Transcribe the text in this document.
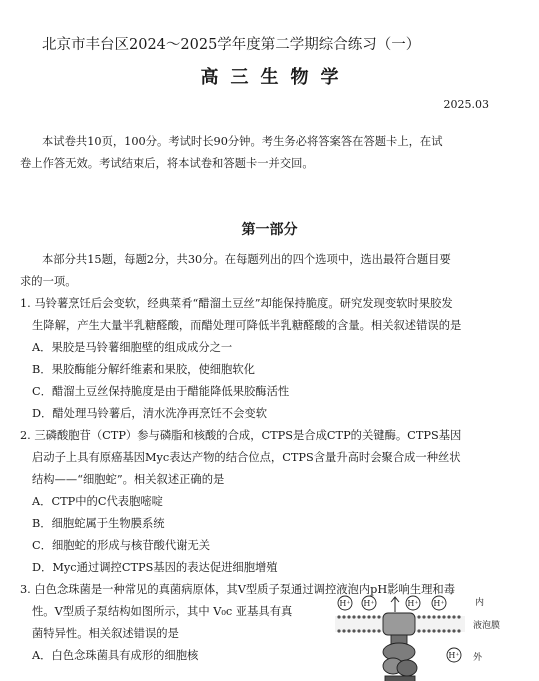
北京市丰台区2024～2025学年度第二学期综合练习（一）
高三生物学
2025.03
本试卷共10页，100分。考试时长90分钟。考生务必将答案答在答题卡上，在试
卷上作答无效。考试结束后，将本试卷和答题卡一并交回。
第一部分
本部分共15题，每题2分，共30分。在每题列出的四个选项中，选出最符合题目要
求的一项。
1. 马铃薯烹饪后会变软，经典菜肴“醋溜土豆丝”却能保持脆度。研究发现变软时果胶发
生降解，产生大量半乳糖醛酸，而醋处理可降低半乳糖醛酸的含量。相关叙述错误的是
A．果胶是马铃薯细胞壁的组成成分之一
B．果胶酶能分解纤维素和果胶，使细胞软化
C．醋溜土豆丝保持脆度是由于醋能降低果胶酶活性
D．醋处理马铃薯后，清水洗净再烹饪不会变软
2. 三磷酸胞苷（CTP）参与磷脂和核酸的合成，CTPS是合成CTP的关键酶。CTPS基因
启动子上具有原癌基因Myc表达产物的结合位点，CTPS含量升高时会聚合成一种丝状
结构——“细胞蛇”。相关叙述正确的是
A．CTP中的C代表胞嘧啶
B．细胞蛇属于生物膜系统
C．细胞蛇的形成与核苷酸代谢无关
D．Myc通过调控CTPS基因的表达促进细胞增殖
3. 白色念珠菌是一种常见的真菌病原体，其V型质子泵通过调控液泡内pH影响生理和毒
性。V型质子泵结构如图所示，其中 V₀c 亚基具有真
菌特异性。相关叙述错误的是
A．白色念珠菌具有成形的细胞核
H⁺ H⁺	H⁺ H⁺
H⁺
内
液泡膜
外
